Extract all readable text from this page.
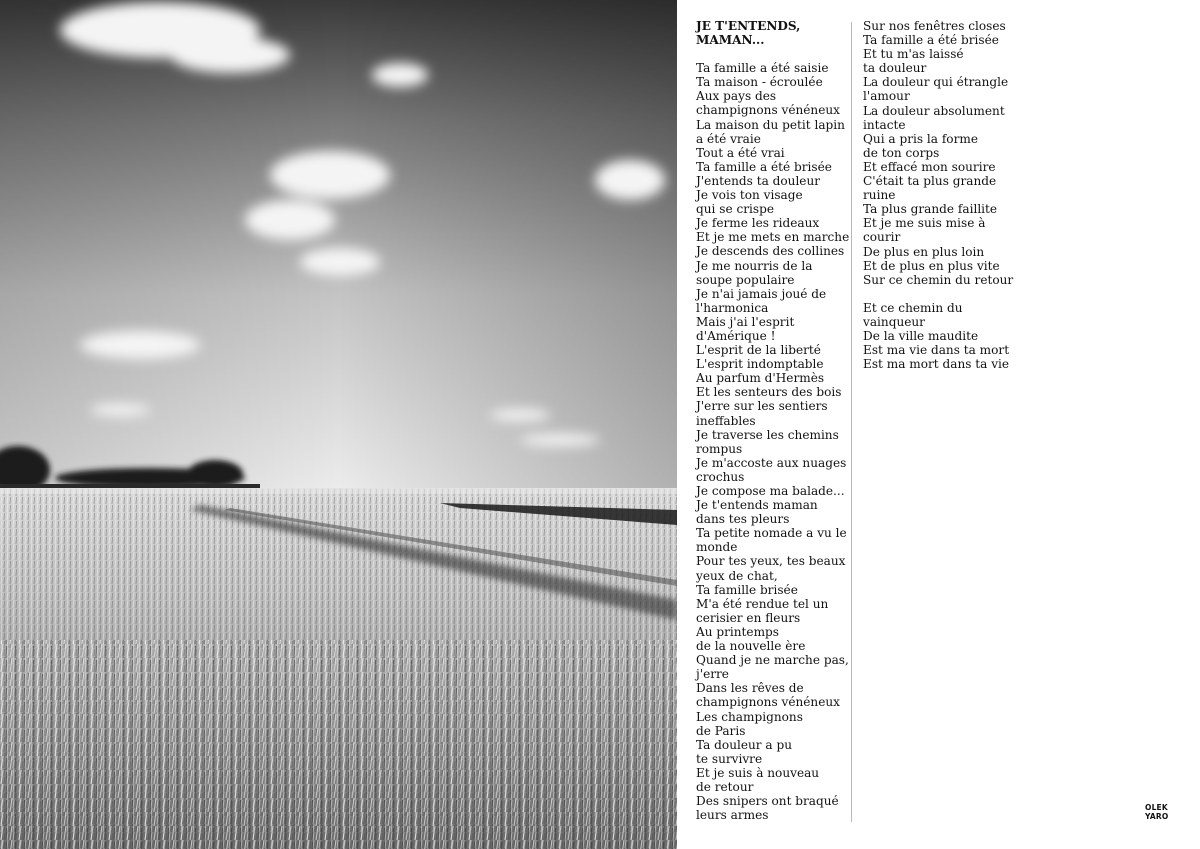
JE T'ENTENDS, MAMAN...
Ta famille a été saisie
Ta maison - écroulée
Aux pays des
champignons vénéneux
La maison du petit lapin
a été vraie
Tout a été vrai
Ta famille a été brisée
J'entends ta douleur
Je vois ton visage
qui se crispe
Je ferme les rideaux
Et je me mets en marche
Je descends des collines
Je me nourris de la
soupe populaire
Je n'ai jamais joué de
l'harmonica
Mais j'ai l'esprit
d'Amérique !
L'esprit de la liberté
L'esprit indomptable
Au parfum d'Hermès
Et les senteurs des bois
J'erre sur les sentiers
ineffables
Je traverse les chemins
rompus
Je m'accoste aux nuages
crochus
Je compose ma balade...
Je t'entends maman
dans tes pleurs
Ta petite nomade a vu le
monde
Pour tes yeux, tes beaux
yeux de chat,
Ta famille brisée
M'a été rendue tel un
cerisier en fleurs
Au printemps
de la nouvelle ère
Quand je ne marche pas,
j'erre
Dans les rêves de
champignons vénéneux
Les champignons
de Paris
Ta douleur a pu
te survivre
Et je suis à nouveau
de retour
Des snipers ont braqué
leurs armes
Sur nos fenêtres closes
Ta famille a été brisée
Et tu m'as laissé
ta douleur
La douleur qui étrangle
l'amour
La douleur absolument
intacte
Qui a pris la forme
de ton corps
Et effacé mon sourire
C'était ta plus grande
ruine
Ta plus grande faillite
Et je me suis mise à
courir
De plus en plus loin
Et de plus en plus vite
Sur ce chemin du retour
Et ce chemin du
vainqueur
De la ville maudite
Est ma vie dans ta mort
Est ma mort dans ta vie
OLEK
YARO
